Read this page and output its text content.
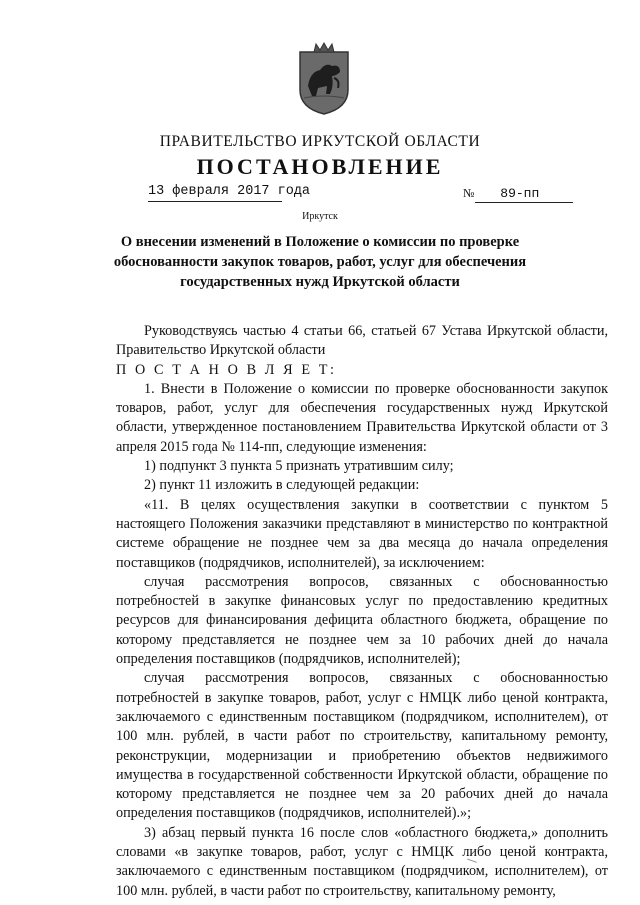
ПРАВИТЕЛЬСТВО ИРКУТСКОЙ ОБЛАСТИ
ПОСТАНОВЛЕНИЕ
13 февраля 2017 года	№ 89-пп
Иркутск
О внесении изменений в Положение о комиссии по проверке обоснованности закупок товаров, работ, услуг для обеспечения государственных нужд Иркутской области

Руководствуясь частью 4 статьи 66, статьей 67 Устава Иркутской области, Правительство Иркутской области

П О С Т А Н О В Л Я Е Т:

1. Внести в Положение о комиссии по проверке обоснованности закупок товаров, работ, услуг для обеспечения государственных нужд Иркутской области, утвержденное постановлением Правительства Иркутской области от 3 апреля 2015 года № 114-пп, следующие изменения:

1) подпункт 3 пункта 5 признать утратившим силу;

2) пункт 11 изложить в следующей редакции:

«11. В целях осуществления закупки в соответствии с пунктом 5 настоящего Положения заказчики представляют в министерство по контрактной системе обращение не позднее чем за два месяца до начала определения поставщиков (подрядчиков, исполнителей), за исключением:

случая рассмотрения вопросов, связанных с обоснованностью потребностей в закупке финансовых услуг по предоставлению кредитных ресурсов для финансирования дефицита областного бюджета, обращение по которому представляется не позднее чем за 10 рабочих дней до начала определения поставщиков (подрядчиков, исполнителей);

случая рассмотрения вопросов, связанных с обоснованностью потребностей в закупке товаров, работ, услуг с НМЦК либо ценой контракта, заключаемого с единственным поставщиком (подрядчиком, исполнителем), от 100 млн. рублей, в части работ по строительству, капитальному ремонту, реконструкции, модернизации и приобретению объектов недвижимого имущества в государственной собственности Иркутской области, обращение по которому представляется не позднее чем за 20 рабочих дней до начала определения поставщиков (подрядчиков, исполнителей).»;

3) абзац первый пункта 16 после слов «областного бюджета,» дополнить словами «в закупке товаров, работ, услуг с НМЦК либо ценой контракта, заключаемого с единственным поставщиком (подрядчиком, исполнителем), от 100 млн. рублей, в части работ по строительству, капитальному ремонту,
